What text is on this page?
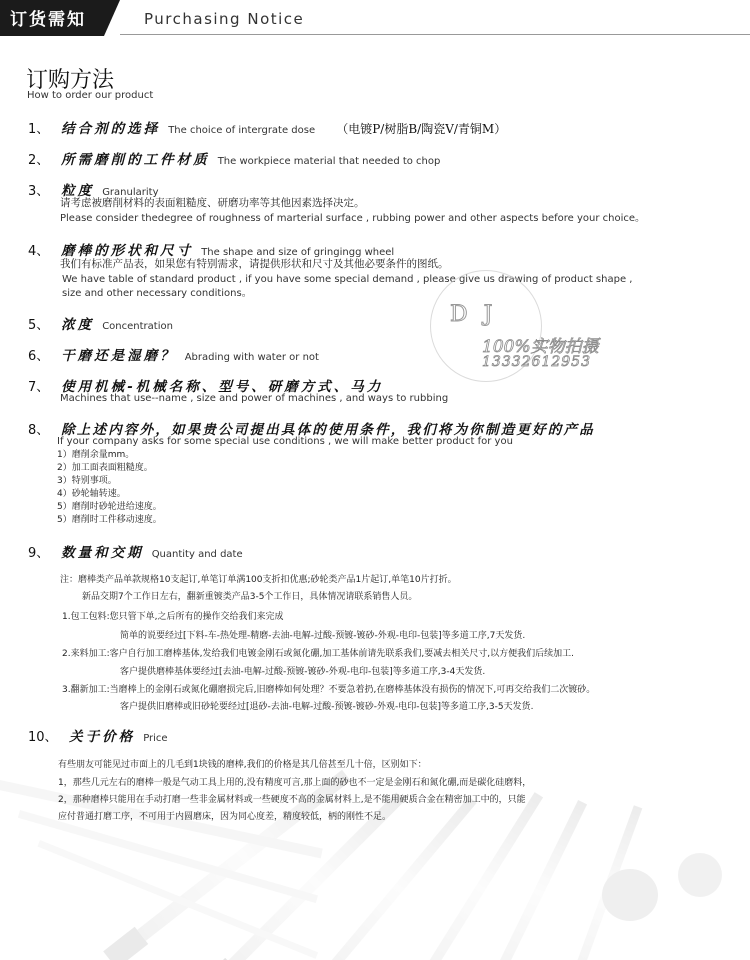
订货需知	Purchasing Notice
订购方法
How to order our product
1、 结合剂的选择 The choice of intergrate dose （电镀P/树脂B/陶瓷V/青铜M）
2、 所需磨削的工件材质 The workpiece material that needed to chop
3、 粒度 Granularity
请考虑被磨削材料的表面粗糙度、研磨功率等其他因素选择决定。
Please consider thedegree of roughness of marterial surface , rubbing power and other aspects before your choice。
4、 磨棒的形状和尺寸 The shape and size of gringingg wheel
我们有标准产品表，如果您有特别需求，请提供形状和尺寸及其他必要条件的图纸。
We have table of standard product , if you have some special demand , please give us drawing of product shape ,
size and other necessary conditions。
DJ
100%实物拍摄
13332612953
5、 浓度 Concentration
6、 干磨还是湿磨？ Abrading with water or not
7、 使用机械-机械名称、型号、研磨方式、马力
Machines that use--name , size and power of machines , and ways to rubbing
8、 除上述内容外，如果贵公司提出具体的使用条件，我们将为你制造更好的产品
If your company asks for some special use conditions , we will make better product for you
1）磨削余量mm。
2）加工面表面粗糙度。
3）特别事项。
4）砂轮轴转速。
5）磨削时砂轮进给速度。
5）磨削时工件移动速度。
9、 数量和交期 Quantity and date
注：磨棒类产品单款规格10支起订,单笔订单满100支折扣优惠;砂轮类产品1片起订,单笔10片打折。
新品交期7个工作日左右，翻新重镀类产品3-5个工作日，具体情况请联系销售人员。
1.包工包料:您只管下单,之后所有的操作交给我们来完成
简单的说要经过[下料-车-热处理-精磨-去油-电解-过酸-预镀-镀砂-外观-电印-包装]等多道工序,7天发货.
2.来料加工:客户自行加工磨棒基体,发给我们电镀金刚石或氮化硼,加工基体前请先联系我们,要减去相关尺寸,以方便我们后续加工.
客户提供磨棒基体要经过[去油-电解-过酸-预镀-镀砂-外观-电印-包装]等多道工序,3-4天发货.
3.翻新加工:当磨棒上的金刚石或氮化硼磨损完后,旧磨棒如何处理？不要急着扔,在磨棒基体没有损伤的情况下,可再交给我们二次镀砂。
客户提供旧磨棒或旧砂轮要经过[退砂-去油-电解-过酸-预镀-镀砂-外观-电印-包装]等多道工序,3-5天发货.
10、 关于价格 Price
有些朋友可能见过市面上的几毛到1块钱的磨棒,我们的价格是其几倍甚至几十倍，区别如下：
1，那些几元左右的磨棒一般是气动工具上用的,没有精度可言,那上面的砂也不一定是金刚石和氮化硼,而是碳化硅磨料，
2，那种磨棒只能用在手动打磨一些非金属材料或一些硬度不高的金属材料上,是不能用硬质合金在精密加工中的，只能
应付普通打磨工序，不可用于内圆磨床，因为同心度差，精度较低，柄的刚性不足。
